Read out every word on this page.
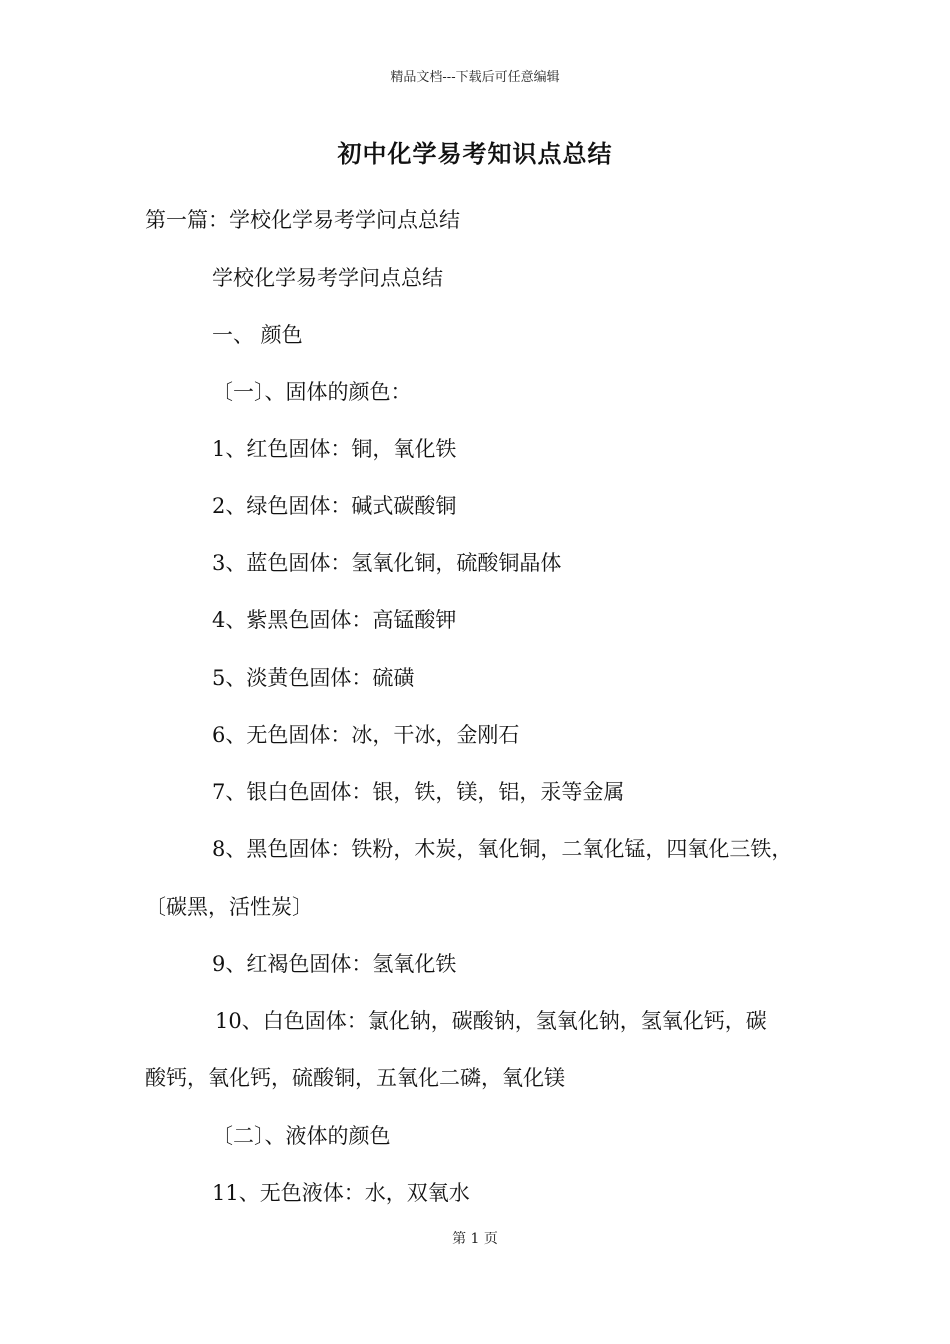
精品文档---下载后可任意编辑
初中化学易考知识点总结
第一篇：学校化学易考学问点总结
学校化学易考学问点总结
一、 颜色
〔一〕、固体的颜色：
1、红色固体：铜，氧化铁
2、绿色固体：碱式碳酸铜
3、蓝色固体：氢氧化铜，硫酸铜晶体
4、紫黑色固体：高锰酸钾
5、淡黄色固体：硫磺
6、无色固体：冰，干冰，金刚石
7、银白色固体：银，铁，镁，铝，汞等金属
8、黑色固体：铁粉，木炭，氧化铜，二氧化锰，四氧化三铁，
〔碳黑，活性炭〕
9、红褐色固体：氢氧化铁
10、白色固体：氯化钠，碳酸钠，氢氧化钠，氢氧化钙，碳
酸钙，氧化钙，硫酸铜，五氧化二磷，氧化镁
〔二〕、液体的颜色
11、无色液体：水，双氧水
第 1 页
